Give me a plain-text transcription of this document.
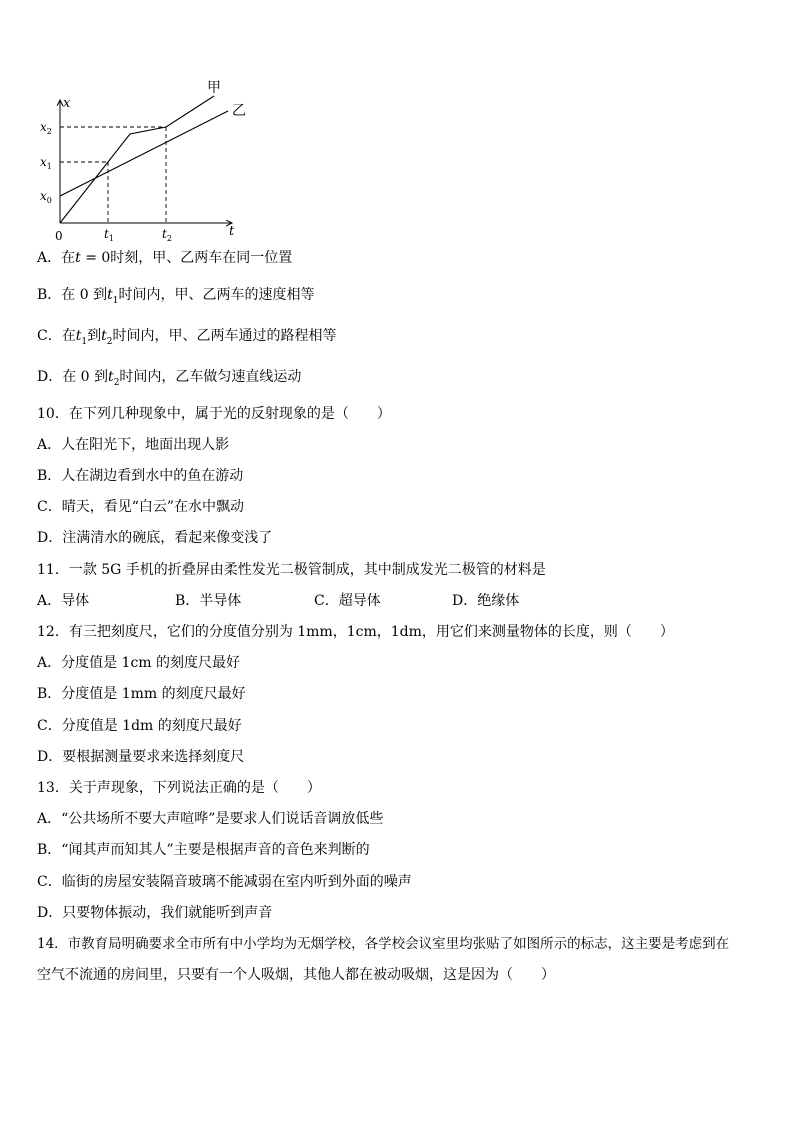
x
t
0
$x_2$
$x_1$
$x_0$
$t_1$	$t_2$
甲
乙
A．在t = 0时刻，甲、乙两车在同一位置
B．在 0 到$t_1$时间内，甲、乙两车的速度相等
C．在$t_1$到$t_2$时间内，甲、乙两车通过的路程相等
D．在 0 到$t_2$时间内，乙车做匀速直线运动
10．在下列几种现象中，属于光的反射现象的是（　　）
A．人在阳光下，地面出现人影
B．人在湖边看到水中的鱼在游动
C．晴天，看见“白云”在水中飘动
D．注满清水的碗底，看起来像变浅了
11．一款 5G 手机的折叠屏由柔性发光二极管制成，其中制成发光二极管的材料是
A．导体	B．半导体	C．超导体	D．绝缘体
12．有三把刻度尺，它们的分度值分别为 1mm，1cm，1dm，用它们来测量物体的长度，则（　　）
A．分度值是 1cm 的刻度尺最好
B．分度值是 1mm 的刻度尺最好
C．分度值是 1dm 的刻度尺最好
D．要根据测量要求来选择刻度尺
13．关于声现象，下列说法正确的是（　　）
A．“公共场所不要大声喧哗”是要求人们说话音调放低些
B．“闻其声而知其人”主要是根据声音的音色来判断的
C．临街的房屋安装隔音玻璃不能减弱在室内听到外面的噪声
D．只要物体振动，我们就能听到声音
14．市教育局明确要求全市所有中小学均为无烟学校，各学校会议室里均张贴了如图所示的标志，这主要是考虑到在
空气不流通的房间里，只要有一个人吸烟，其他人都在被动吸烟，这是因为（　　）
